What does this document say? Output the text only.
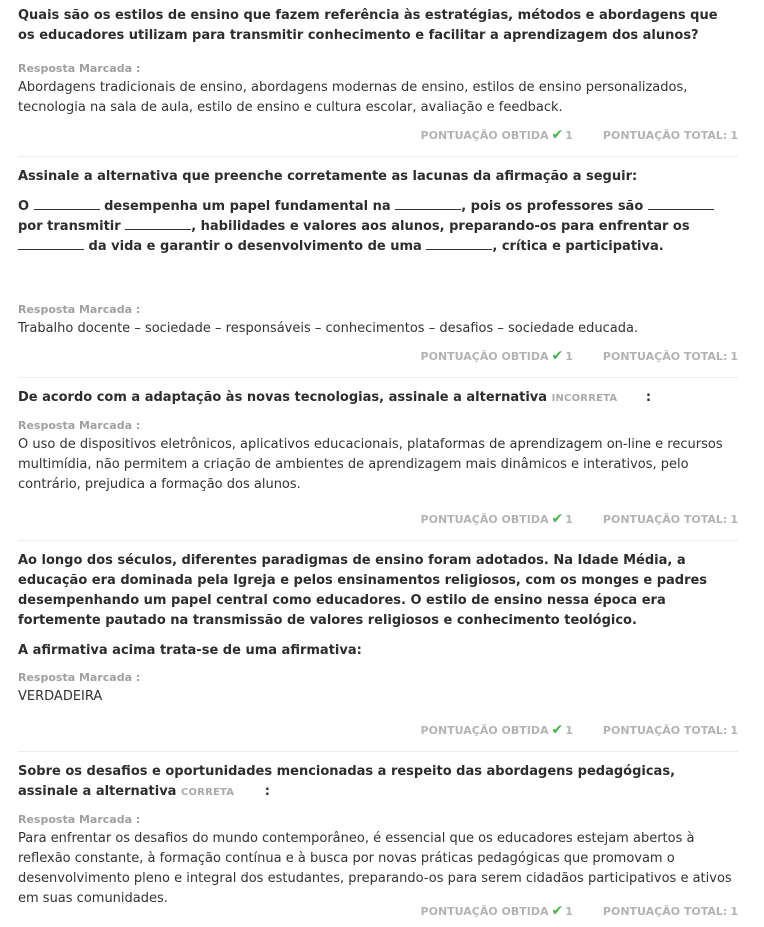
Quais são os estilos de ensino que fazem referência às estratégias, métodos e abordagens que os educadores utilizam para transmitir conhecimento e facilitar a aprendizagem dos alunos?

Resposta Marcada :

Abordagens tradicionais de ensino, abordagens modernas de ensino, estilos de ensino personalizados, tecnologia na sala de aula, estilo de ensino e cultura escolar, avaliação e feedback.

PONTUAÇÃO OBTIDA ✔ 1	PONTUAÇÃO TOTAL: 1

Assinale a alternativa que preenche corretamente as lacunas da afirmação a seguir:

O	desempenha um papel fundamental na	, pois os professores são  por transmitir	, habilidades e valores aos alunos, preparando-os para enfrentar os  da vida e garantir o desenvolvimento de uma	, crítica e participativa.

Resposta Marcada :

Trabalho docente – sociedade – responsáveis – conhecimentos – desafios – sociedade educada.

PONTUAÇÃO OBTIDA ✔ 1	PONTUAÇÃO TOTAL: 1

De acordo com a adaptação às novas tecnologias, assinale a alternativa INCORRETA :

Resposta Marcada :

O uso de dispositivos eletrônicos, aplicativos educacionais, plataformas de aprendizagem on-line e recursos multimídia, não permitem a criação de ambientes de aprendizagem mais dinâmicos e interativos, pelo contrário, prejudica a formação dos alunos.

PONTUAÇÃO OBTIDA ✔ 1	PONTUAÇÃO TOTAL: 1

Ao longo dos séculos, diferentes paradigmas de ensino foram adotados. Na Idade Média, a educação era dominada pela Igreja e pelos ensinamentos religiosos, com os monges e padres desempenhando um papel central como educadores. O estilo de ensino nessa época era fortemente pautado na transmissão de valores religiosos e conhecimento teológico.

A afirmativa acima trata-se de uma afirmativa:

Resposta Marcada :

VERDADEIRA

PONTUAÇÃO OBTIDA ✔ 1	PONTUAÇÃO TOTAL: 1

Sobre os desafios e oportunidades mencionadas a respeito das abordagens pedagógicas, assinale a alternativa CORRETA :

Resposta Marcada :

Para enfrentar os desafios do mundo contemporâneo, é essencial que os educadores estejam abertos à reflexão constante, à formação contínua e à busca por novas práticas pedagógicas que promovam o desenvolvimento pleno e integral dos estudantes, preparando-os para serem cidadãos participativos e ativos em suas comunidades.

PONTUAÇÃO OBTIDA ✔ 1	PONTUAÇÃO TOTAL: 1
